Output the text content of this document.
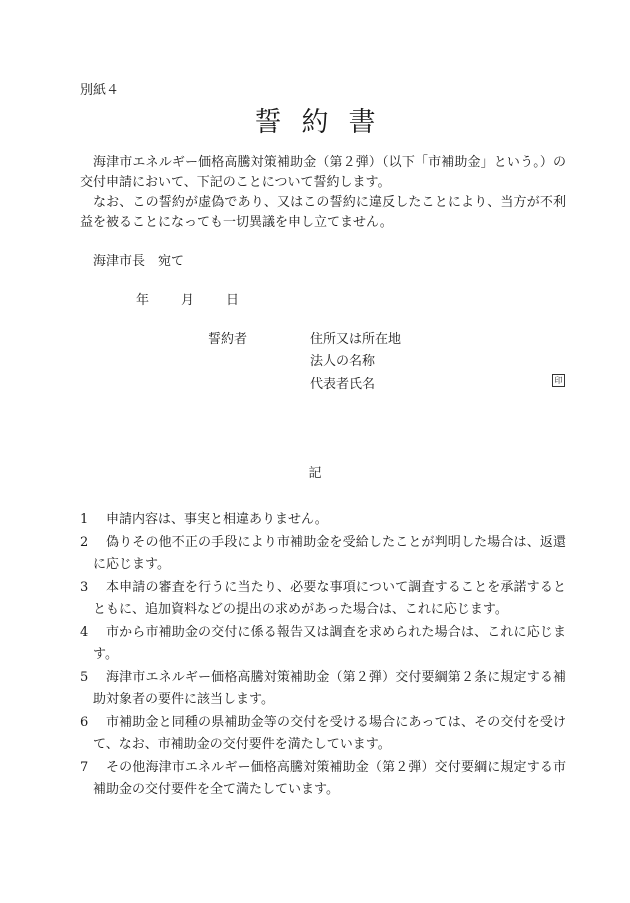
別紙４
誓約書
海津市エネルギー価格高騰対策補助金（第２弾）（以下「市補助金」という。）の交付申請において、下記のことについて誓約します。
なお、この誓約が虚偽であり、又はこの誓約に違反したことにより、当方が不利益を被ることになっても一切異議を申し立てません。
海津市長　宛て
年 月 日
誓約者	住所又は所在地
法人の名称
代表者氏名	印
記
1	申請内容は、事実と相違ありません。
2	偽りその他不正の手段により市補助金を受給したことが判明した場合は、返還に応じます。
3	本申請の審査を行うに当たり、必要な事項について調査することを承諾するとともに、追加資料などの提出の求めがあった場合は、これに応じます。
4	市から市補助金の交付に係る報告又は調査を求められた場合は、これに応じます。
5	海津市エネルギー価格高騰対策補助金（第２弾）交付要綱第２条に規定する補助対象者の要件に該当します。
6	市補助金と同種の県補助金等の交付を受ける場合にあっては、その交付を受けて、なお、市補助金の交付要件を満たしています。
7	その他海津市エネルギー価格高騰対策補助金（第２弾）交付要綱に規定する市補助金の交付要件を全て満たしています。
